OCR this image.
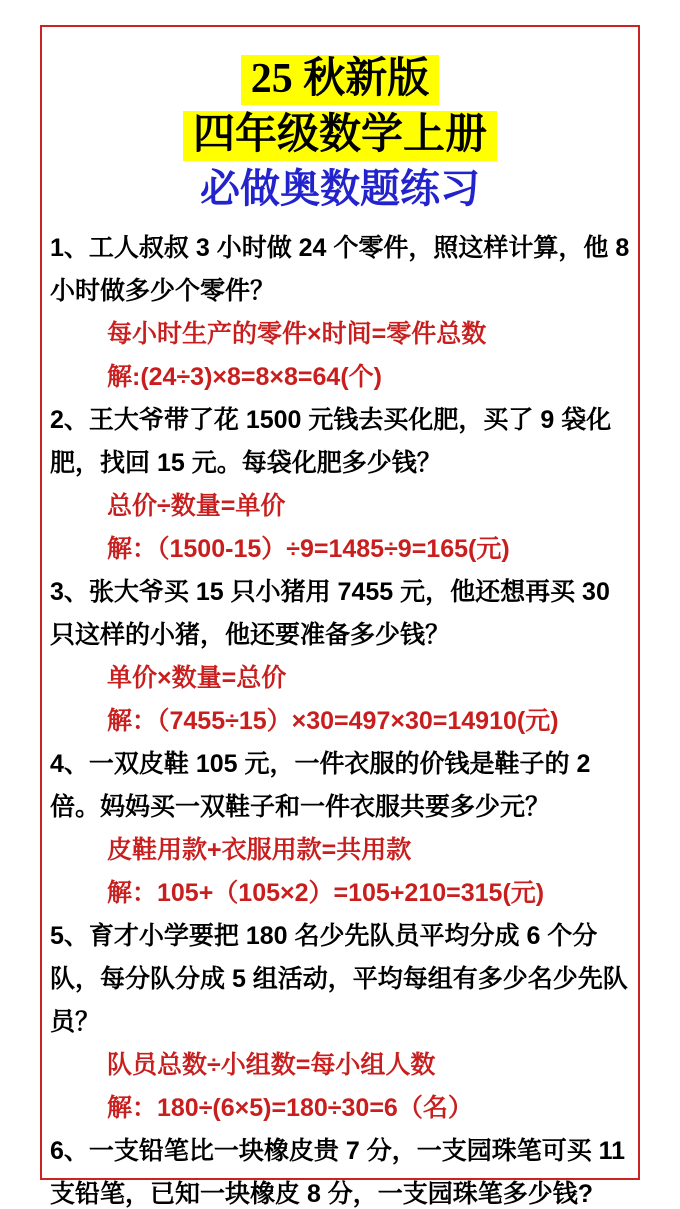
25 秋新版
四年级数学上册
必做奥数题练习

1、工人叔叔 3 小时做 24 个零件，照这样计算，他 8 小时做多少个零件？

每小时生产的零件×时间=零件总数

解:(24÷3)×8=8×8=64(个)

2、王大爷带了花 1500 元钱去买化肥，买了 9 袋化肥，找回 15 元。每袋化肥多少钱？

总价÷数量=单价

解：（1500-15）÷9=1485÷9=165(元)

3、张大爷买 15 只小猪用 7455 元，他还想再买 30 只这样的小猪，他还要准备多少钱？

单价×数量=总价

解：（7455÷15）×30=497×30=14910(元)

4、一双皮鞋 105 元，一件衣服的价钱是鞋子的 2 倍。妈妈买一双鞋子和一件衣服共要多少元？

皮鞋用款+衣服用款=共用款

解：105+（105×2）=105+210=315(元)

5、育才小学要把 180 名少先队员平均分成 6 个分队，每分队分成 5 组活动，平均每组有多少名少先队员？

队员总数÷小组数=每小组人数

解：180÷(6×5)=180÷30=6（名）

6、一支铅笔比一块橡皮贵 7 分，一支园珠笔可买 11 支铅笔，已知一块橡皮 8 分，一支园珠笔多少钱?
